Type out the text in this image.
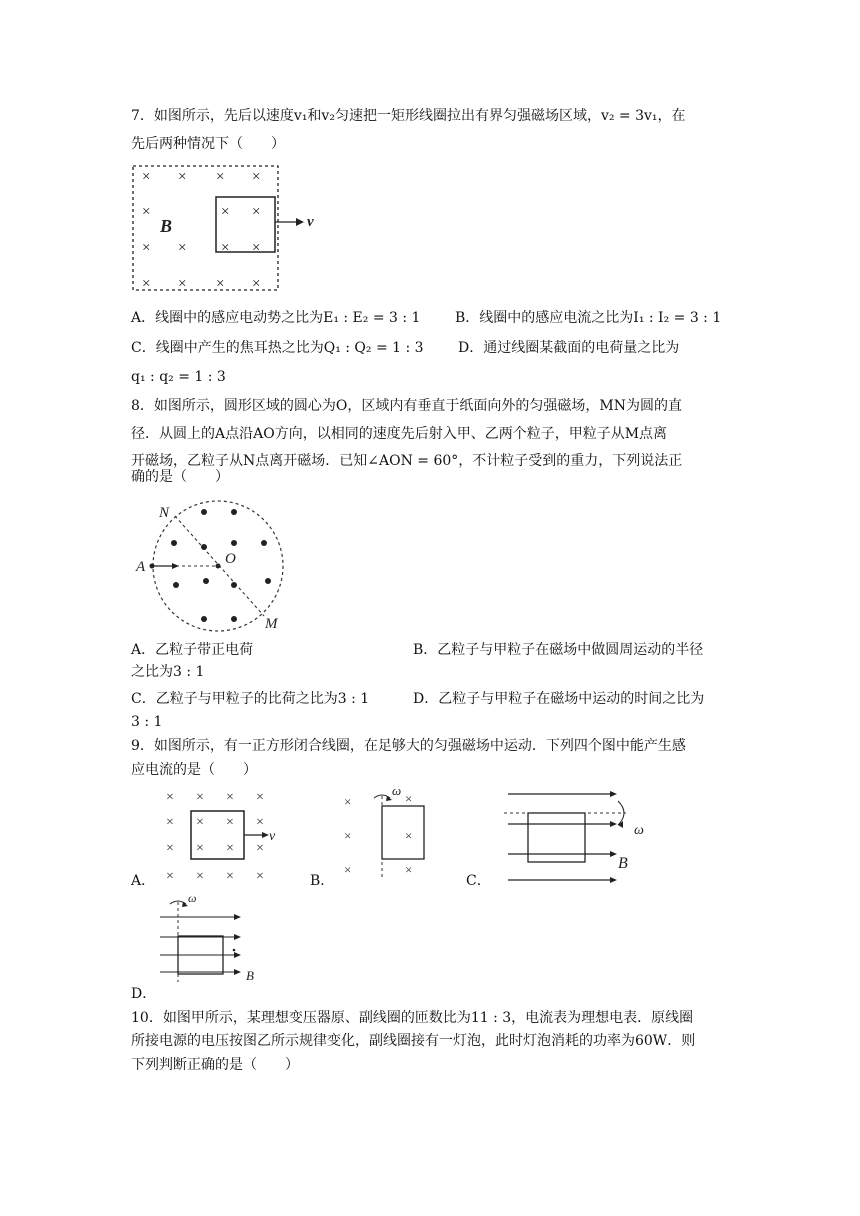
7．如图所示，先后以速度v₁和v₂匀速把一矩形线圈拉出有界匀强磁场区域，v₂ = 3v₁，在
先后两种情况下（　　）
× × × ×
×	× ×
× × × ×
× × × ×
B	v
A．线圈中的感应电动势之比为E₁ : E₂ = 3 : 1 B．线圈中的感应电流之比为I₁ : I₂ = 3 : 1
C．线圈中产生的焦耳热之比为Q₁ : Q₂ = 1 : 3 D．通过线圈某截面的电荷量之比为
q₁ : q₂ = 1 : 3
8．如图所示，圆形区域的圆心为O，区域内有垂直于纸面向外的匀强磁场，MN为圆的直
径．从圆上的A点沿AO方向，以相同的速度先后射入甲、乙两个粒子，甲粒子从M点离
开磁场，乙粒子从N点离开磁场．已知∠AON = 60°，不计粒子受到的重力，下列说法正
确的是（　　）
N
A	O
M
A．乙粒子带正电荷	B．乙粒子与甲粒子在磁场中做圆周运动的半径
之比为3 : 1
C．乙粒子与甲粒子的比荷之比为3 : 1	D．乙粒子与甲粒子在磁场中运动的时间之比为
3 : 1
9．如图所示，有一正方形闭合线圈，在足够大的匀强磁场中运动．下列四个图中能产生感
应电流的是（　　）
v
× × × ×
× × × ×
× × × ×
× × × ×
A．
ω
×	×
×	×
×	×
B．
ω
B
C．
ω
B
D．
10．如图甲所示，某理想变压器原、副线圈的匝数比为11 : 3，电流表为理想电表．原线圈
所接电源的电压按图乙所示规律变化，副线圈接有一灯泡，此时灯泡消耗的功率为60W．则
下列判断正确的是（　　）
